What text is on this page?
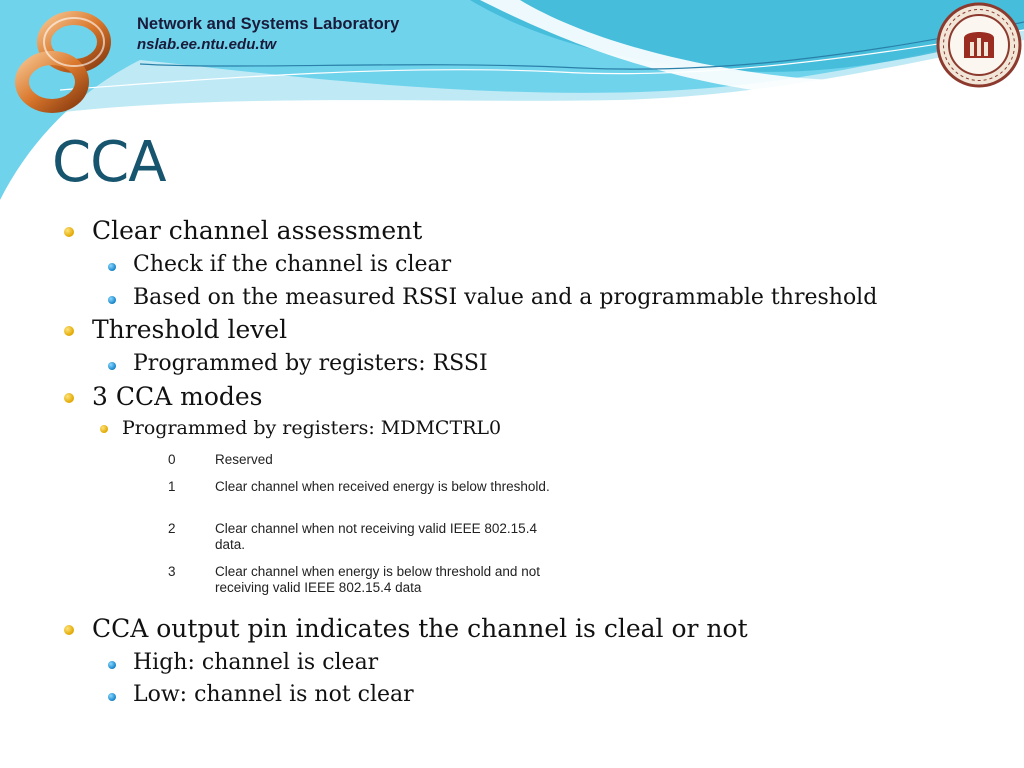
Network and Systems Laboratory
nslab.ee.ntu.edu.tw
CCA
Clear channel assessment
Check if the channel is clear
Based on the measured RSSI value and a programmable threshold
Threshold level
Programmed by registers: RSSI
3 CCA modes
Programmed by registers: MDMCTRL0
0	Reserved
1	Clear channel when received energy is below threshold.
2	Clear channel when not receiving valid IEEE 802.15.4 data.
3	Clear channel when energy is below threshold and not receiving valid IEEE 802.15.4 data
CCA output pin indicates the channel is cleal or not
High: channel is clear
Low: channel is not clear
